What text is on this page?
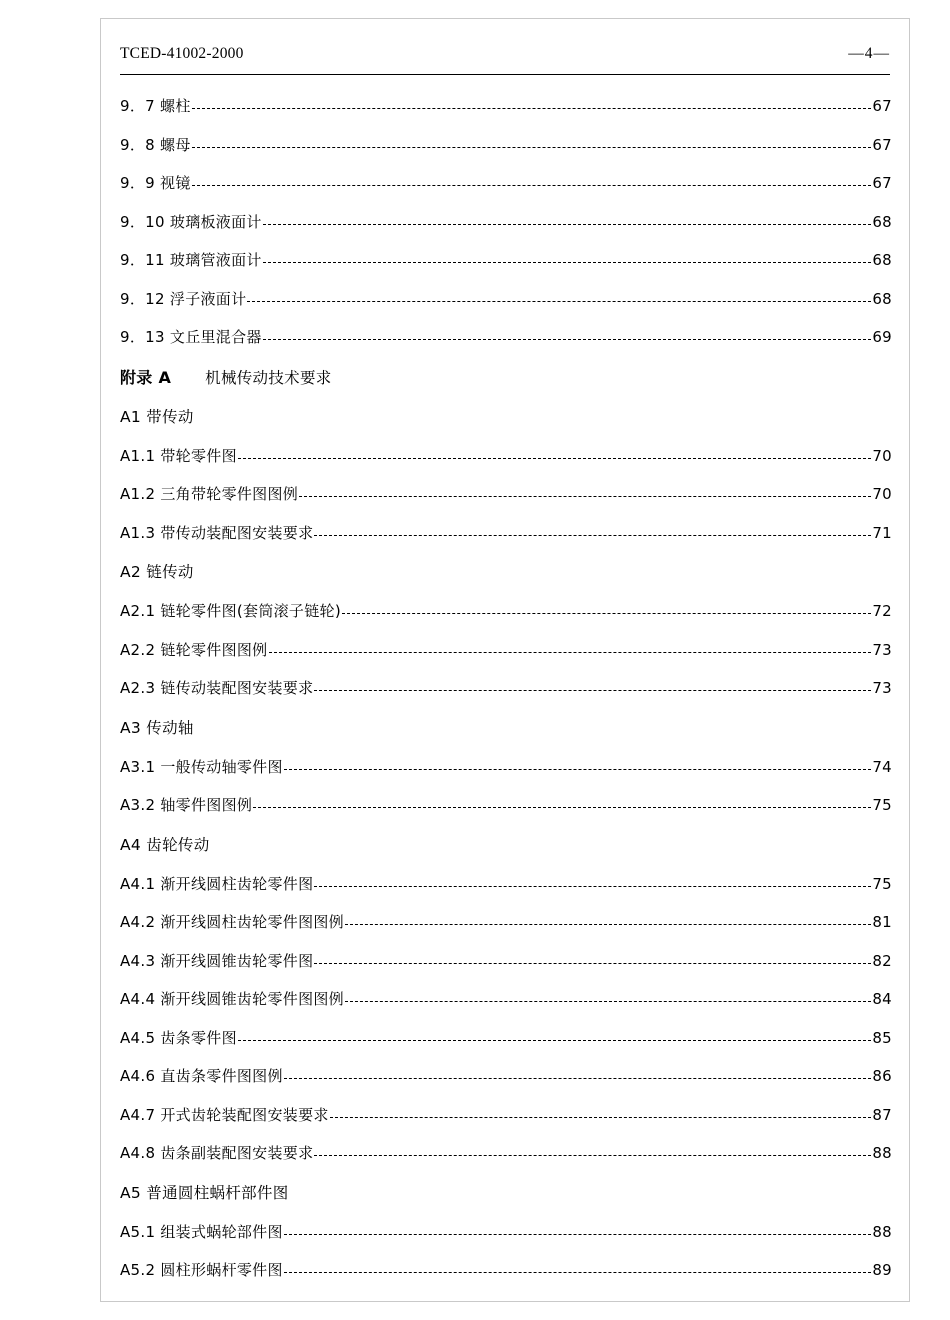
TCED-41002-2000	—4—
9．7 螺柱	67
9．8 螺母	67
9．9 视镜	67
9．10 玻璃板液面计	68
9．11 玻璃管液面计	68
9．12 浮子液面计	68
9．13 文丘里混合器	69
附录 A 机械传动技术要求
A1 带传动
A1.1 带轮零件图	70
A1.2 三角带轮零件图图例	70
A1.3 带传动装配图安装要求	71
A2 链传动
A2.1 链轮零件图(套筒滚子链轮)	72
A2.2 链轮零件图图例	73
A2.3 链传动装配图安装要求	73
A3 传动轴
A3.1 一般传动轴零件图	74
A3.2 轴零件图图例	75
A4 齿轮传动
A4.1 渐开线圆柱齿轮零件图	75
A4.2 渐开线圆柱齿轮零件图图例	81
A4.3 渐开线圆锥齿轮零件图	82
A4.4 渐开线圆锥齿轮零件图图例	84
A4.5 齿条零件图	85
A4.6 直齿条零件图图例	86
A4.7 开式齿轮装配图安装要求	87
A4.8 齿条副装配图安装要求	88
A5 普通圆柱蜗杆部件图
A5.1 组装式蜗轮部件图	88
A5.2 圆柱形蜗杆零件图	89
